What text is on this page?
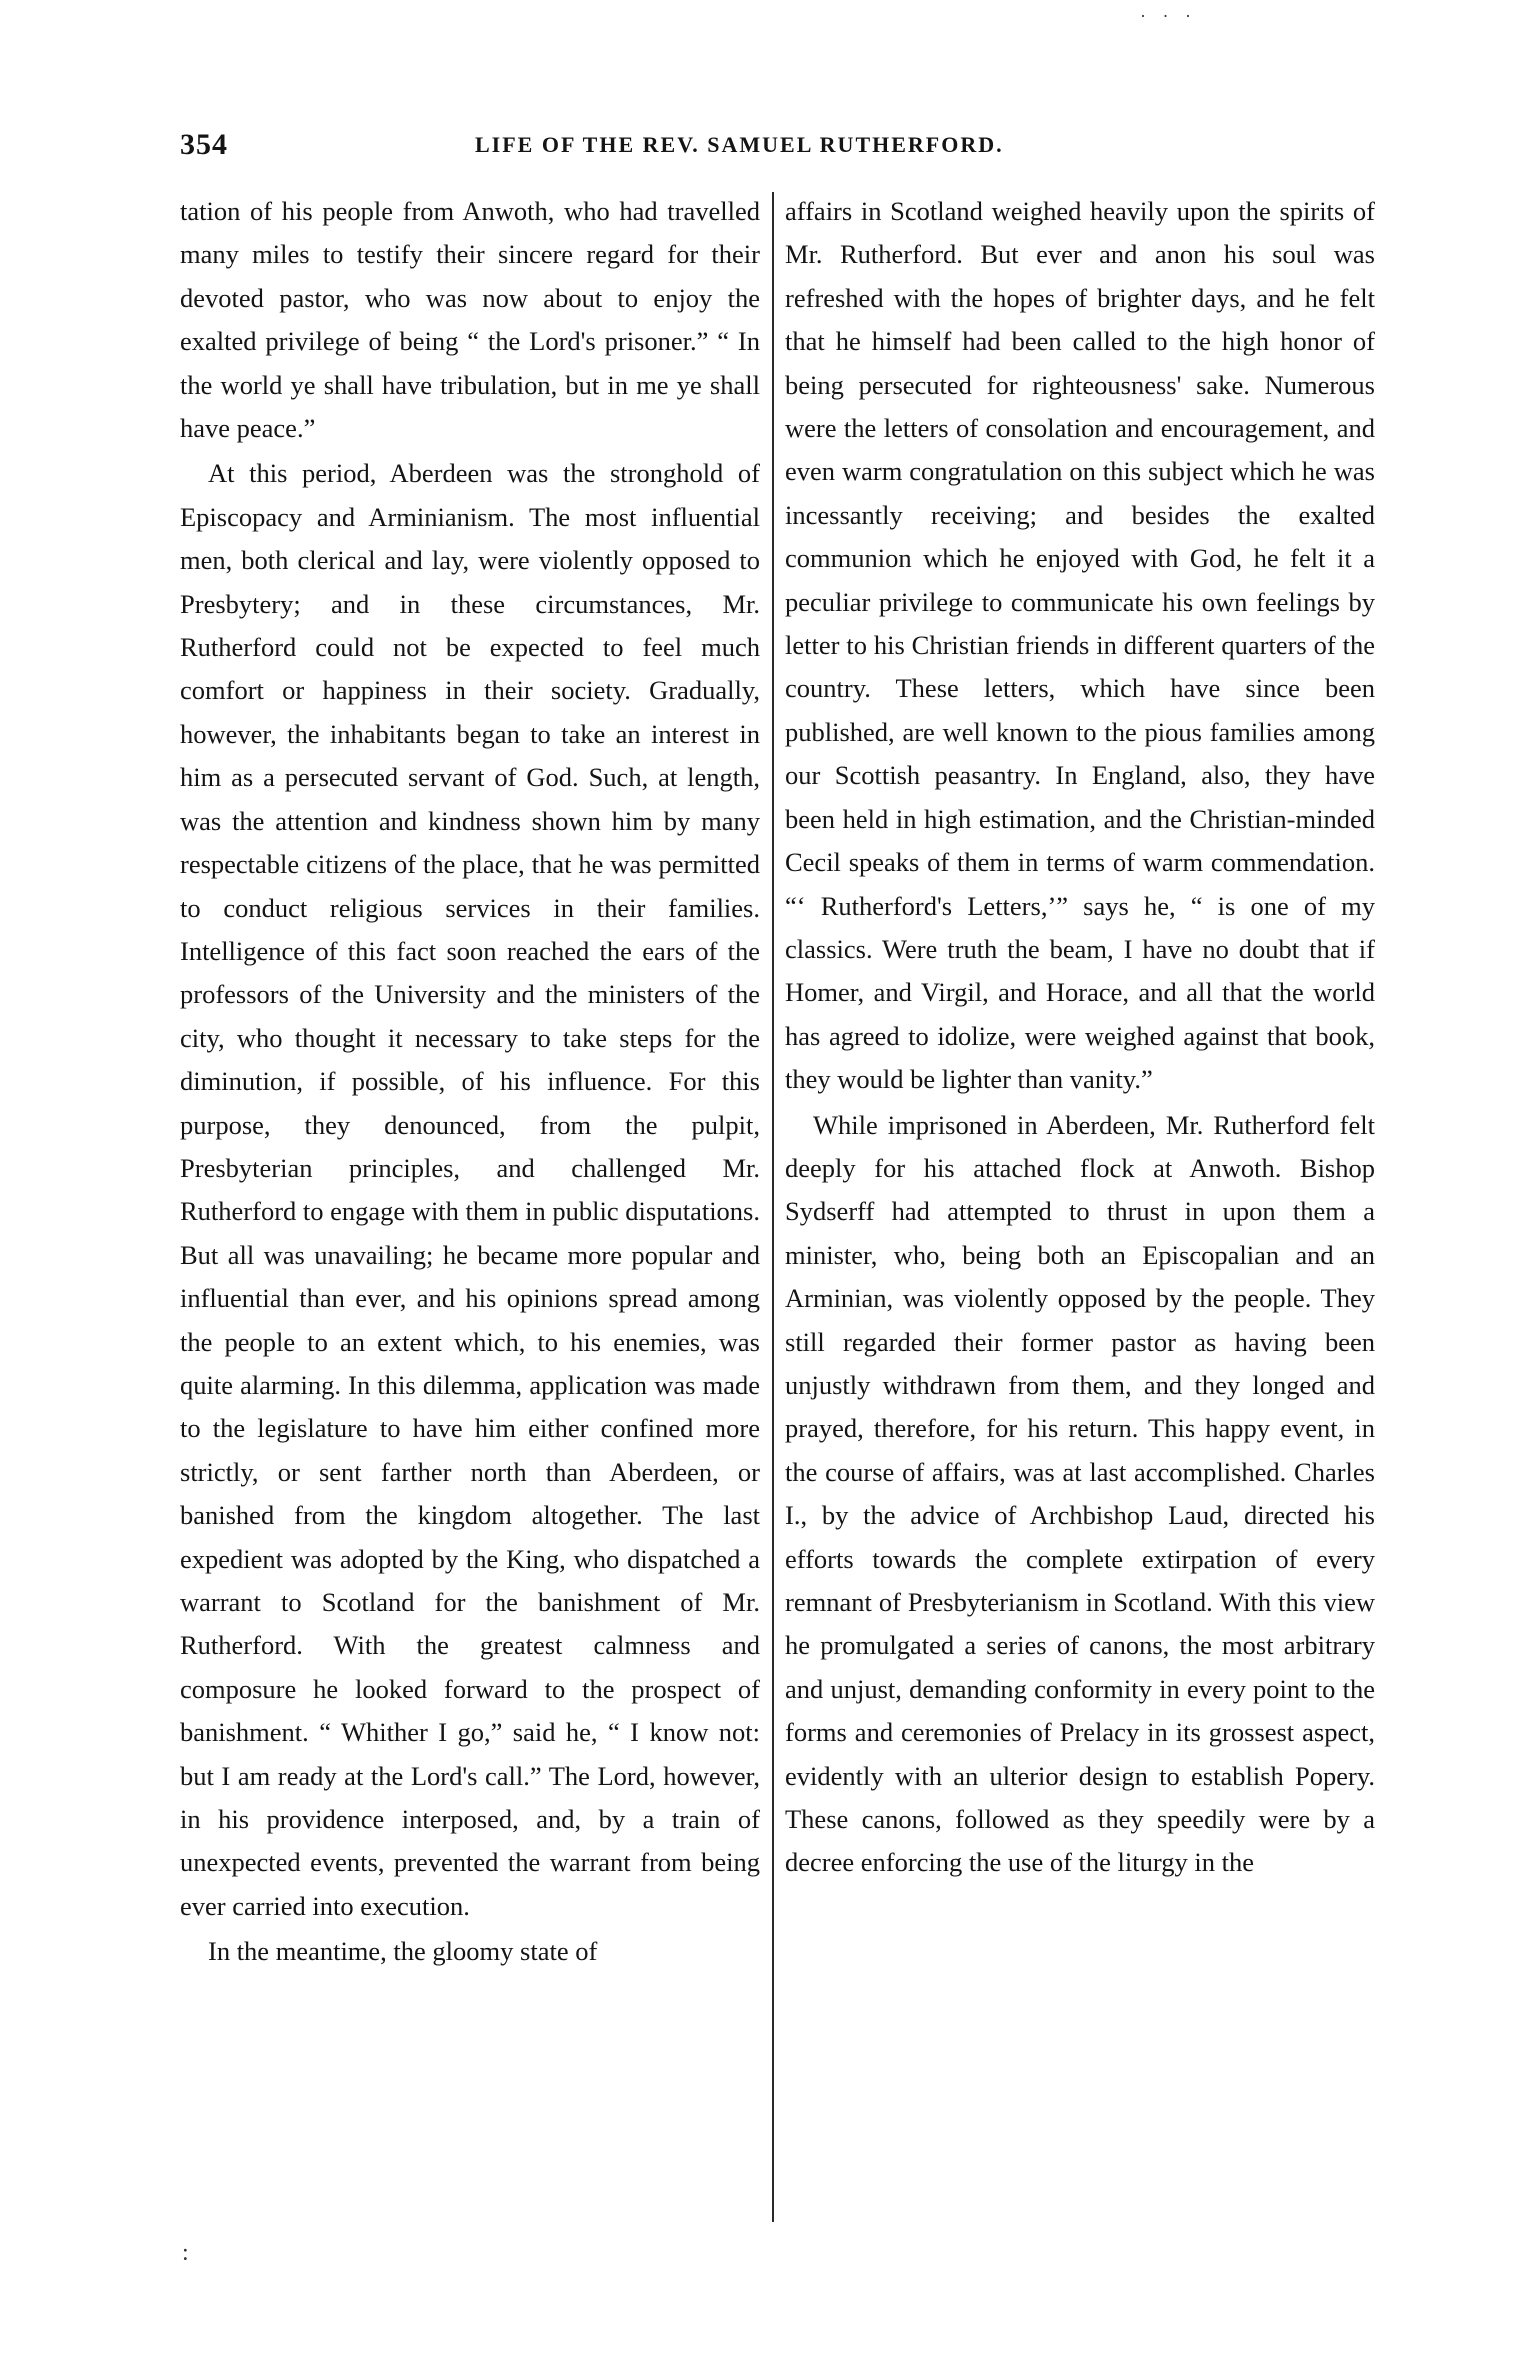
· · ·
354	LIFE OF THE REV. SAMUEL RUTHERFORD.

tation of his people from Anwoth, who had travelled many miles to testify their sincere regard for their devoted pastor, who was now about to enjoy the exalted privilege of being “ the Lord's prisoner.” “ In the world ye shall have tribulation, but in me ye shall have peace.”

At this period, Aberdeen was the stronghold of Episcopacy and Arminianism. The most influential men, both clerical and lay, were violently opposed to Presbytery; and in these circumstances, Mr. Rutherford could not be expected to feel much comfort or happiness in their society. Gradually, however, the inhabitants began to take an interest in him as a persecuted servant of God. Such, at length, was the attention and kindness shown him by many respectable citizens of the place, that he was permitted to conduct religious services in their families. Intelligence of this fact soon reached the ears of the professors of the University and the ministers of the city, who thought it necessary to take steps for the diminution, if possible, of his influence. For this purpose, they denounced, from the pulpit, Presbyterian principles, and challenged Mr. Rutherford to engage with them in public disputations. But all was unavailing; he became more popular and influential than ever, and his opinions spread among the people to an extent which, to his enemies, was quite alarming. In this dilemma, application was made to the legislature to have him either confined more strictly, or sent farther north than Aberdeen, or banished from the kingdom altogether. The last expedient was adopted by the King, who dispatched a warrant to Scotland for the banishment of Mr. Rutherford. With the greatest calmness and composure he looked forward to the prospect of banishment. “ Whither I go,” said he, “ I know not: but I am ready at the Lord's call.” The Lord, however, in his providence interposed, and, by a train of unexpected events, prevented the warrant from being ever carried into execution.

In the meantime, the gloomy state of

affairs in Scotland weighed heavily upon the spirits of Mr. Rutherford. But ever and anon his soul was refreshed with the hopes of brighter days, and he felt that he himself had been called to the high honor of being persecuted for righteousness' sake. Numerous were the letters of consolation and encouragement, and even warm congratulation on this subject which he was incessantly receiving; and besides the exalted communion which he enjoyed with God, he felt it a peculiar privilege to communicate his own feelings by letter to his Christian friends in different quarters of the country. These letters, which have since been published, are well known to the pious families among our Scottish peasantry. In England, also, they have been held in high estimation, and the Christian-minded Cecil speaks of them in terms of warm commendation. “‘ Rutherford's Letters,’” says he, “ is one of my classics. Were truth the beam, I have no doubt that if Homer, and Virgil, and Horace, and all that the world has agreed to idolize, were weighed against that book, they would be lighter than vanity.”

While imprisoned in Aberdeen, Mr. Rutherford felt deeply for his attached flock at Anwoth. Bishop Sydserff had attempted to thrust in upon them a minister, who, being both an Episcopalian and an Arminian, was violently opposed by the people. They still regarded their former pastor as having been unjustly withdrawn from them, and they longed and prayed, therefore, for his return. This happy event, in the course of affairs, was at last accomplished. Charles I., by the advice of Archbishop Laud, directed his efforts towards the complete extirpation of every remnant of Presbyterianism in Scotland. With this view he promulgated a series of canons, the most arbitrary and unjust, demanding conformity in every point to the forms and ceremonies of Prelacy in its grossest aspect, evidently with an ulterior design to establish Popery. These canons, followed as they speedily were by a decree enforcing the use of the liturgy in the

:
